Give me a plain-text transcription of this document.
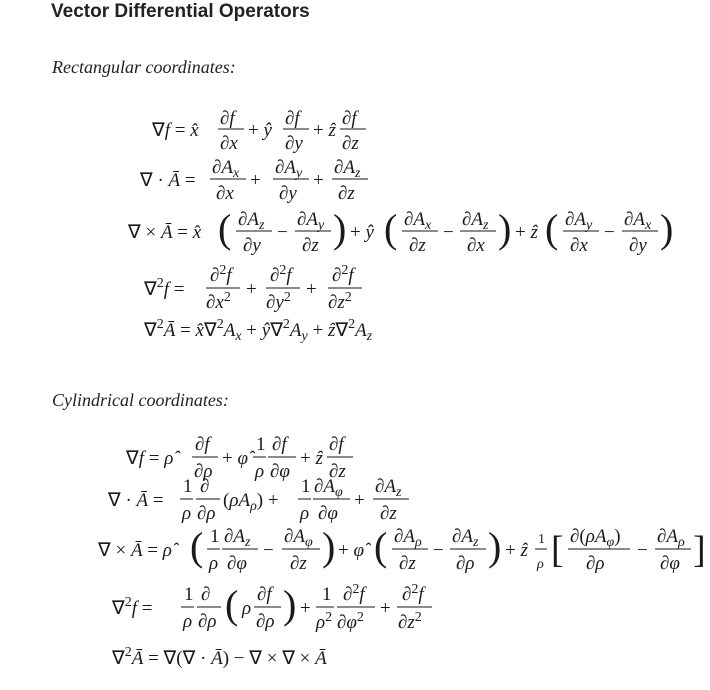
Vector Differential Operators
Rectangular coordinates:
Cylindrical coordinates:
∇f = x̂
∂f
∂x
+ ŷ
∂f
∂y
+ ẑ
∂f
∂z
∇ · Ā =
$\partial A_x$
∂x
+
$\partial A_y$
∂y
+
$\partial A_z$
∂z
∇ × Ā = x̂ ( $\partial A_z$
∂y
−
$\partial A_y$
∂z ) + ŷ ( $\partial A_x$
∂z
−
$\partial A_z$
∂x ) + ẑ ( $\partial A_y$
∂x
−
$\partial A_x$
∂y )
∇$^2$f =
∂$^2$f
$\partial x^2$ +
∂$^2$f
$\partial y^2$ +
∂$^2$f
$\partial z^2$
∇$^2$Ā = $x̂\nabla^2A_x$ + $ŷ\nabla^2A_y$ + $ẑ\nabla^2A_z$
∇f = ρ̂
∂f
∂ρ
+ φ̂
1
ρ
∂f
∂φ
+ ẑ
∂f
∂z
∇ · Ā =
1
ρ
∂
∂ρ
$(\rho A_\rho)$ +
1
ρ
$\partial A_\varphi$
∂φ
+
$\partial A_z$
∂z
∇ × Ā = ρ̂ ( 1
ρ
$\partial A_z$
∂φ
−
$\partial A_\varphi$
∂z ) + φ̂ ( $\partial A_\rho$
∂z
−
$\partial A_z$
∂ρ ) + ẑ
1
ρ [ $\partial(\rho A_\varphi)$
∂ρ
−
$\partial A_\rho$
∂φ ]
∇$^2$f =
1
ρ
∂
∂ρ ( ρ
∂f
∂ρ ) +
1
$\rho^2$
∂$^2$f
$\partial\varphi^2$ +
∂$^2$f
$\partial z^2$
∇$^2$Ā = ∇(∇ · Ā) − ∇ × ∇ × Ā
